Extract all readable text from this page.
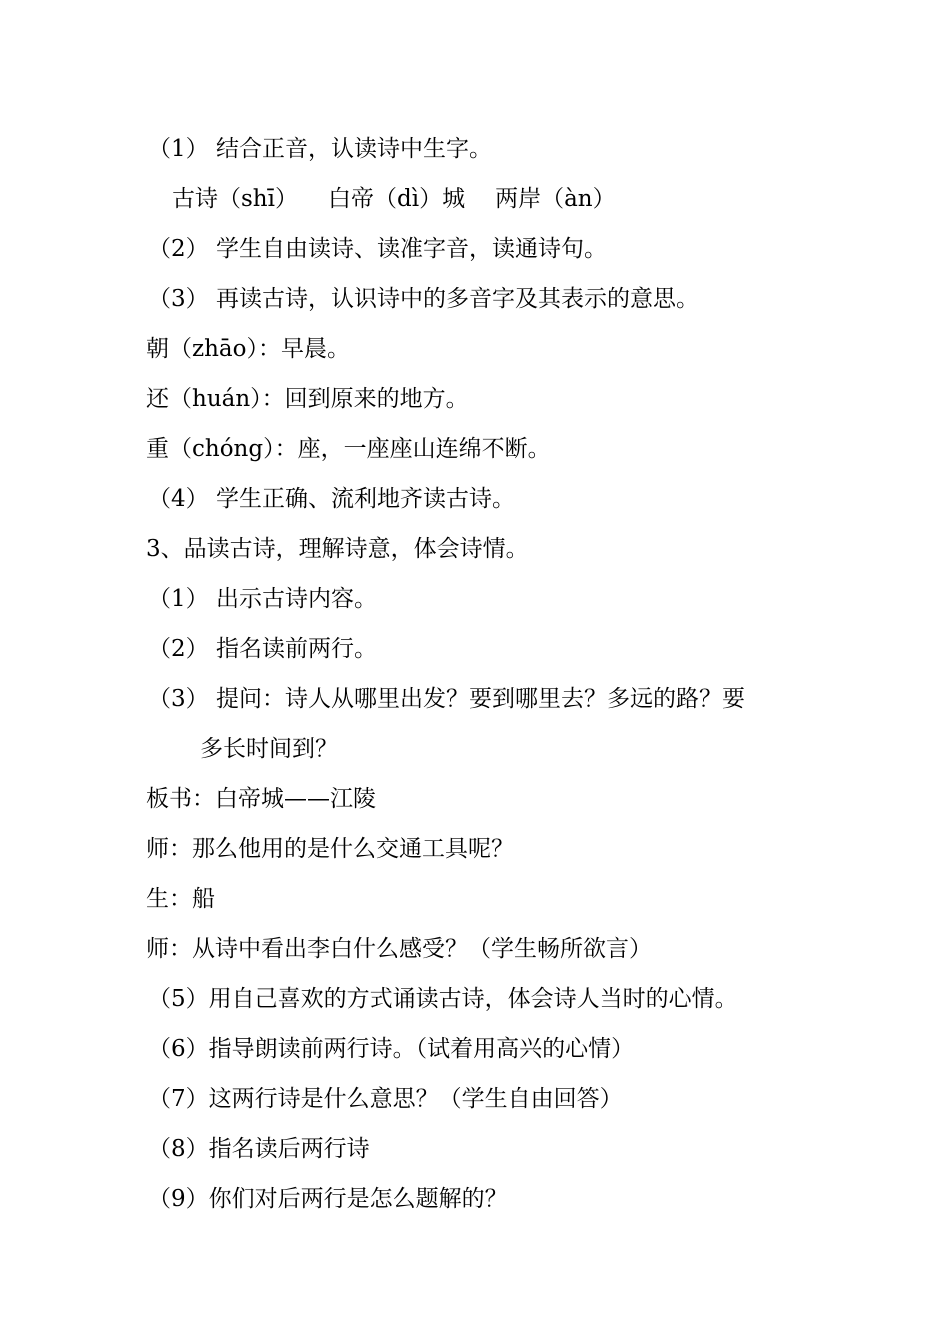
（1） 结合正音，认读诗中生字。
古诗（shī） 白帝（dì）城 两岸（àn）
（2） 学生自由读诗、读准字音，读通诗句。
（3） 再读古诗，认识诗中的多音字及其表示的意思。
朝（zhāo）：早晨。
还（huán）：回到原来的地方。
重（chóng）：座，一座座山连绵不断。
（4） 学生正确、流利地齐读古诗。
3、品读古诗，理解诗意，体会诗情。
（1） 出示古诗内容。
（2） 指名读前两行。
（3） 提问：诗人从哪里出发？要到哪里去？多远的路？要
多长时间到？
板书：白帝城——江陵
师：那么他用的是什么交通工具呢？
生：船
师：从诗中看出李白什么感受？（学生畅所欲言）
（5）用自己喜欢的方式诵读古诗，体会诗人当时的心情。
（6）指导朗读前两行诗。（试着用高兴的心情）
（7）这两行诗是什么意思？（学生自由回答）
（8）指名读后两行诗
（9）你们对后两行是怎么题解的？
